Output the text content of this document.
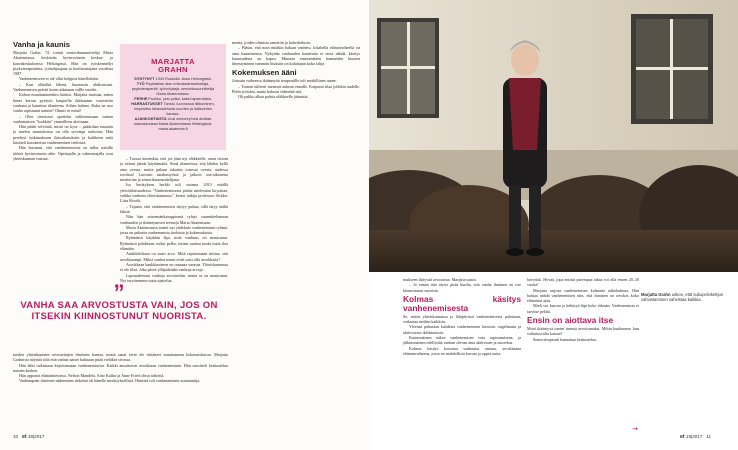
Vanha ja kaunis

Marjatta Grahn, 74, toimii senioriksuunnittelija Maria Akatemiassa, keskävän hyvinvoinnin keskus- ja kaavakeskuksessa Helsingissä. Hän on työskennellyt psykoterapeuttina, työnohjaajana ja koulutustajana vuodesta 1987.

Vanhenemiseen ei ole ollut helppoa hänellekään.

– Kun olikelkä läheni, huomasin ahdistuvani. Vanhenemisen pelotti kuten aikanaan vallle vuodet.

Kohon muuttuminenkin häiritsi. Marjatta muistaa, miten hänet kerran pysäytti kaupoilla ikkkunaan varastetiin vanhana ja kauniina tilanteena. Siihen hahmo. Kuka ne noo vanha rapistunut nainen? Ohmis se minä?

– Olen tiesoissut opettelut sulkeutumaan samen vanhasnaisen "lookkiin" ymmälleen ulottuaan.

Hän päätti selvittää, mistä on kyse – pakkohan ruumiin ja mielen muutoksissa on olla syvempi tarkoitus. Hän perehtyi tutkimukseen ikävaikutuksiin ja kaikkeen mitä käsitteli kasvaneista vanhenemisen tiedoista.

Hän huomasi, että vanhenemisesta on tullut naisille tärkeä hyvinvoinnin aihe. Opettajalla ja valmentajalla ovat yhteiskunnan vastuut.

MARJATTA
GRAHN
SYNTYNYT 1943 Ruskolla. Asuu Helsingissä.
TYÖ Psykiatrian alan erikoissairaanhoitaja, psykoterapeutti, työnohjaaja, senioriksuunnittelija Maria Akatemiassa.
PERHE Puoliso, yksi poika, kaksi lapsenlasta.
HARRASTUKSET Tanssi, luonnossa liikkuminen, inspiroitsu keskustelusta nuorten ja ikäisverien kanssa.
AJANKOHTAISTA Uusi senioriryhmä aloittaa marraskuussa Maria Akatemiassa Helsingissä. maria-akatemia.fi

– Tuossa kuitenkin, että jos jään nyt eläkkeelle, omat tietoni ja taitoni jäävät käyttämättä. Siinä tilanteessa, että lähden kyllä aina ovesta, mutta palaan takaisin toisesta ovesta, uudessa roolissa! Luovuin asiakastyöstä ja jatkoin osa-aikaisena mentorina ja senioriksuunnittelijana.

Iso herätyksen herkki tuli vuonna 2013 eräällä yleisötilaisuudessa. "Vanhenemisesta pitäisi mielestäni kirjoittaa, vaikka vanhena yhteiskunnassa", kertoi tutkija professori Sirkka-Liisa Kivelä.

– Tajusin, että vanhenemisen täytyy puhua, sillä tätyy täältä läksiä.

Niin hän seitsemänkymppisenä ryhtyi suunnittelemaan vanhuuden ja ikääntymisen teemoja Maria Akatemiaan.

Maria Akatemiassa toimii nyt yhdeksäs vanhenemisen ryhmä, jossa on puhuttu vanhemmista tiedoista ja kokemuksista.

Ryhmässä käydään läpi, mitä vanhuus on muuttunut. Ryhmässä pohditaan, miksi pelko, toinen saattaa tuoda uutta iloa elämään.

Antikkikiltaan on suuri arvo. Mitä rapistumaan mittaa, sitä arvokkaampi. Miksi vanhat naiset eivät saisi olla arvokkaita?

Arvokkaan hankkimiseen on omaaaa varassa. Yhteiskunnassa ei ole tilaa. Joka päivä ylläpidetään vanhoja arvoja.

Lapsuudessani vanhoja arvostettiin, mutta se on muuttunut. Nyt tarvitsemme uutta ajattelua.

monia, joiden olimista sanottiin ja kahvittelusta.

– Pääsin, että noin mitäkin haluan vanhetu. Iokahella elämävaiheella on oma kauneutensa. Nykyään vanhuuden kauneutta ei oteta nähdä, käsitys kauneudesta on kapea. Minusta ensimmäisen harmaiden hiusten ilmestyminen tummiin hiuksiin on kuluttajan koko lahja.

Kokemuksen ääni

Joissain vaiheessa ikäännyttä terapeutille tuli merkillinen tunne.

– Tunnin tulleeni menestä aukean ennalle. Kaipasin tilaa jollekin uudelle. Pidin työstäni, mutta halusin vähentää sitä.

Oli pakko alkaa pohtia eläkkeelle jäämistä.

”
VANHA SAA ARVOSTUSTA VAIN, JOS ON ITSEKIN KIINNOSTUNUT NUORISTA.

noiden yhteiskunnien arvostettujen ihmisten kanssa, mutta sanat eivät ole riittäneet muuttamaan kokonaiskuvaa. Marjatta Grahnista näyttää siltä että vanhat naiset halutaan pitää vieläkin sivussa.

Hän lähti tutkimaan kirjoittamaan vanhenemisesta. Kaikki ansaitsevat arvokkaan vanhenemisen. Hän suositteli keskustelua naisten kesken.

Hän opponoi elämäntietonsa. Nelson Mandela, Aino Kallas ja Anne Fried olivat tärkeitä.

Vanhempien ihmisten näkeminen tärkeinä oli hänelle merkityksellistä. Hänestä tuli vanhenemisen asiantuntija.

10 et 19|2017
Marjatta Grahn uskoo, että sukupolvikettjun vahvistaminen vahvistaa kaikkia.

mukseen liittyvää arvostusta. Marjatta sanoo.

– Jo ennen tätä täytyi pitää huolta, että vanha ihminen on itse kiinnostunut nuorista.

Kolmas käsitys vanhenemisesta

Se, miten yhteiskunnassa ja lähipiirissä vanhenemisesta puhutaan, vaikuttaa meihin kaikkiin.

Yleensä puhutaan kahdesta vanhenemisen kuvasta: ongelmasta ja aktiivisesta ikäihmisestä.

Ensimmäinen näkee vanhenemisen vain rapistumisena, ja jälkimmäinen edellyttää vanhan olevan aina aktiivinen ja nuorekas.

Kolmas käsitys korostaa vanhuutta omana, arvokkaana elämänvaiheena, jossa on mahdollista kasvaa ja oppia uutta.

hävyttää. Hyvää, jopa entistä parempaa aikaa voi olla ennen 20–30 vuotta!

Marjatta tarjoaa vanhenemisen kolmatta näkökulmaa. Hän haluaa nähdä vanhenemisen niin, että ihminen on arvokas koko elämänsä ajan.

Mieli voi kasvaa ja kehittyä läpi koko elämän. Vanhenemista ei tarvitse pelätä.

Ensin on aiottava itse

Moni ikääntyvä tuntee itsensä arvottomaksi. Mihin kuulumme, kun vaikutusvalta katoaa?

Seniorterapeutti kannattaa keskustelua.

→
et 19|2017 11
